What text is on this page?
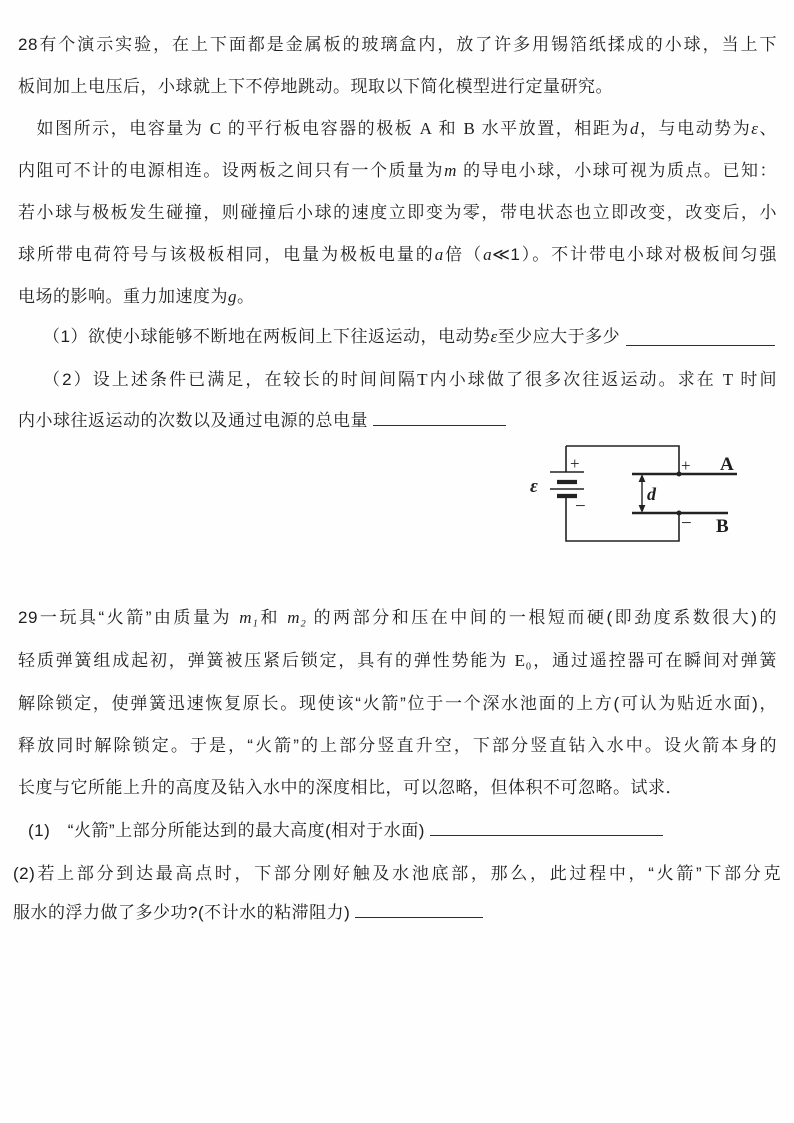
28有个演示实验，在上下面都是金属板的玻璃盒内，放了许多用锡箔纸揉成的小球，当上下
板间加上电压后，小球就上下不停地跳动。现取以下简化模型进行定量研究。
　如图所示，电容量为 C 的平行板电容器的极板 A 和 B 水平放置，相距为d，与电动势为ε、
内阻可不计的电源相连。设两板之间只有一个质量为m 的导电小球，小球可视为质点。已知：
若小球与极板发生碰撞，则碰撞后小球的速度立即变为零，带电状态也立即改变，改变后，小
球所带电荷符号与该极板相同，电量为极板电量的a倍（a≪1）。不计带电小球对极板间匀强
电场的影响。重力加速度为g。
（1）欲使小球能够不断地在两板间上下往返运动，电动势ε至少应大于多少
（2）设上述条件已满足，在较长的时间间隔T内小球做了很多次往返运动。求在 T 时间
内小球往返运动的次数以及通过电源的总电量
+
−
ε
+
−
A
B
d
29一玩具“火箭”由质量为 m₁和 m₂ 的两部分和压在中间的一根短而硬(即劲度系数很大)的
轻质弹簧组成起初，弹簧被压紧后锁定，具有的弹性势能为 E₀，通过遥控器可在瞬间对弹簧
解除锁定，使弹簧迅速恢复原长。现使该“火箭”位于一个深水池面的上方(可认为贴近水面)，
释放同时解除锁定。于是，“火箭”的上部分竖直升空，下部分竖直钻入水中。设火箭本身的
长度与它所能上升的高度及钻入水中的深度相比，可以忽略，但体积不可忽略。试求．
(1)　“火箭”上部分所能达到的最大高度(相对于水面)
(2)若上部分到达最高点时，下部分刚好触及水池底部，那么，此过程中，“火箭”下部分克
服水的浮力做了多少功?(不计水的粘滞阻力)
